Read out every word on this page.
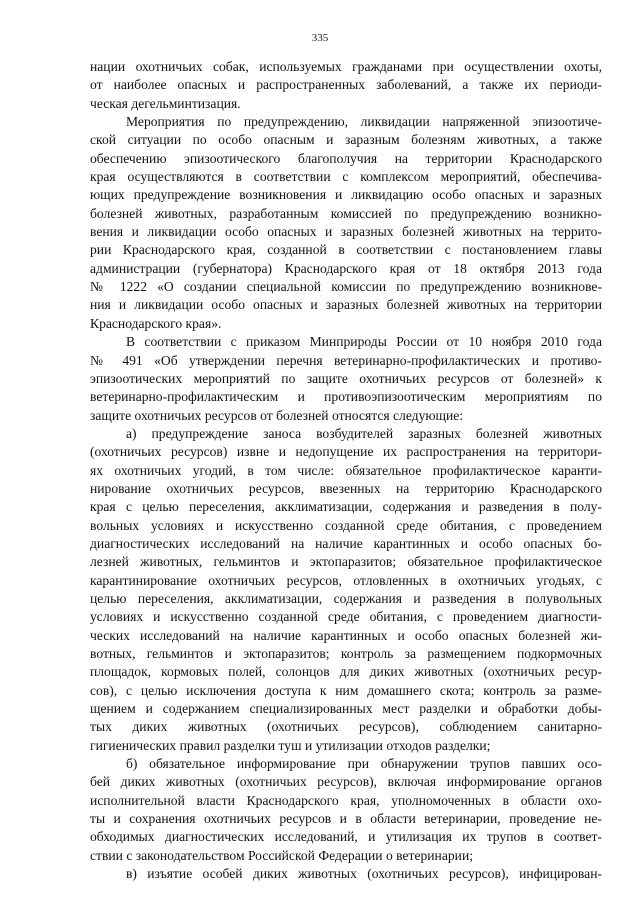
335
нации охотничьих собак, используемых гражданами при осуществлении охоты,
от наиболее опасных и распространенных заболеваний, а также их периоди-
ческая дегельминтизация.
Мероприятия по предупреждению, ликвидации напряженной эпизоотиче-
ской ситуации по особо опасным и заразным болезням животных, а также
обеспечению эпизоотического благополучия на территории Краснодарского
края осуществляются в соответствии с комплексом мероприятий, обеспечива-
ющих предупреждение возникновения и ликвидацию особо опасных и заразных
болезней животных, разработанным комиссией по предупреждению возникно-
вения и ликвидации особо опасных и заразных болезней животных на террито-
рии Краснодарского края, созданной в соответствии с постановлением главы
администрации (губернатора) Краснодарского края от 18 октября 2013 года
№ 1222 «О создании специальной комиссии по предупреждению возникнове-
ния и ликвидации особо опасных и заразных болезней животных на территории
Краснодарского края».
В соответствии с приказом Минприроды России от 10 ноября 2010 года
№ 491 «Об утверждении перечня ветеринарно-профилактических и противо-
эпизоотических мероприятий по защите охотничьих ресурсов от болезней» к
ветеринарно-профилактическим и противоэпизоотическим мероприятиям по
защите охотничьих ресурсов от болезней относятся следующие:
а) предупреждение заноса возбудителей заразных болезней животных
(охотничьих ресурсов) извне и недопущение их распространения на территори-
ях охотничьих угодий, в том числе: обязательное профилактическое каранти-
нирование охотничьих ресурсов, ввезенных на территорию Краснодарского
края с целью переселения, акклиматизации, содержания и разведения в полу-
вольных условиях и искусственно созданной среде обитания, с проведением
диагностических исследований на наличие карантинных и особо опасных бо-
лезней животных, гельминтов и эктопаразитов; обязательное профилактическое
карантинирование охотничьих ресурсов, отловленных в охотничьих угодьях, с
целью переселения, акклиматизации, содержания и разведения в полувольных
условиях и искусственно созданной среде обитания, с проведением диагности-
ческих исследований на наличие карантинных и особо опасных болезней жи-
вотных, гельминтов и эктопаразитов; контроль за размещением подкормочных
площадок, кормовых полей, солонцов для диких животных (охотничьих ресур-
сов), с целью исключения доступа к ним домашнего скота; контроль за разме-
щением и содержанием специализированных мест разделки и обработки добы-
тых диких животных (охотничьих ресурсов), соблюдением санитарно-
гигиенических правил разделки туш и утилизации отходов разделки;
б) обязательное информирование при обнаружении трупов павших осо-
бей диких животных (охотничьих ресурсов), включая информирование органов
исполнительной власти Краснодарского края, уполномоченных в области охо-
ты и сохранения охотничьих ресурсов и в области ветеринарии, проведение не-
обходимых диагностических исследований, и утилизация их трупов в соответ-
ствии с законодательством Российской Федерации о ветеринарии;
в) изъятие особей диких животных (охотничьих ресурсов), инфицирован-
